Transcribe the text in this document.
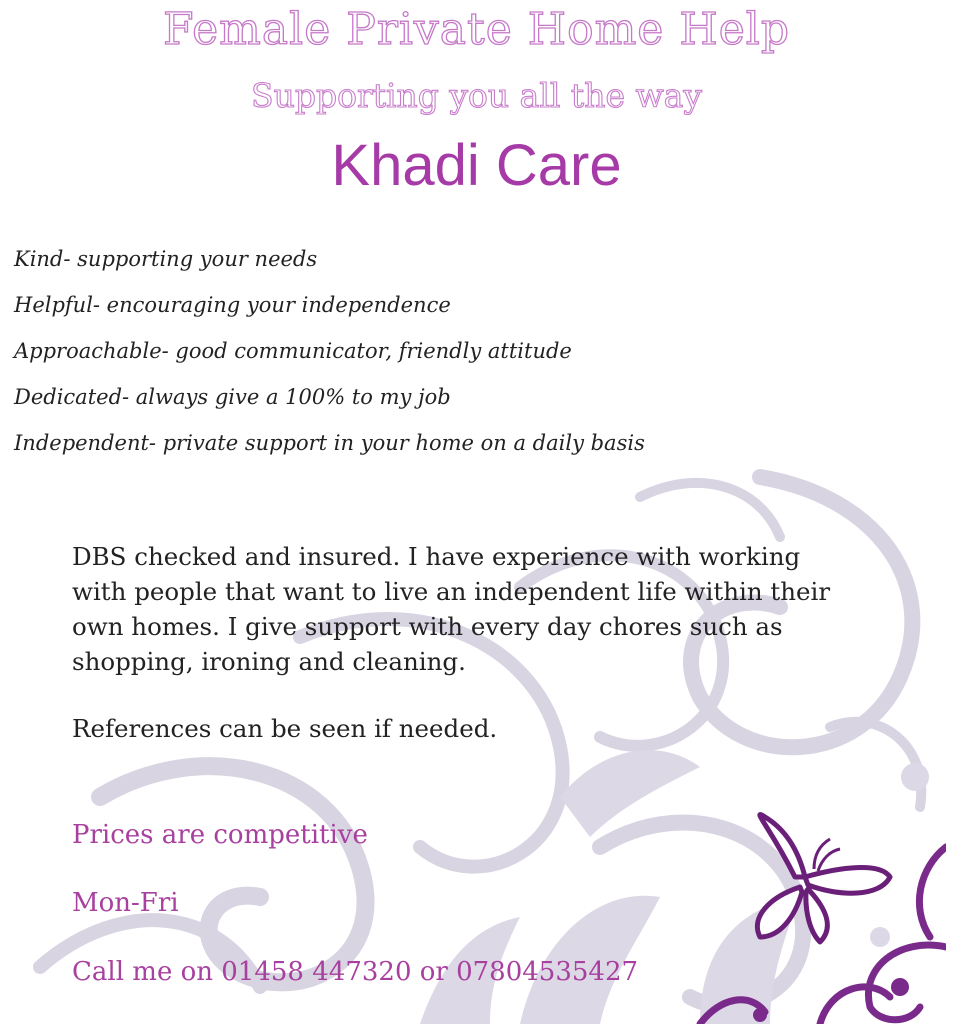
Female Private Home Help
Supporting you all the way
Khadi Care
Kind- supporting your needs
Helpful- encouraging your independence
Approachable- good communicator, friendly attitude
Dedicated- always give a 100% to my job
Independent- private support in your home on a daily basis

DBS checked and insured. I have experience with working with people that want to live an independent life within their own homes. I give support with every day chores such as shopping, ironing and cleaning.

References can be seen if needed.

Prices are competitive
Mon-Fri
Call me on 01458 447320 or 07804535427
